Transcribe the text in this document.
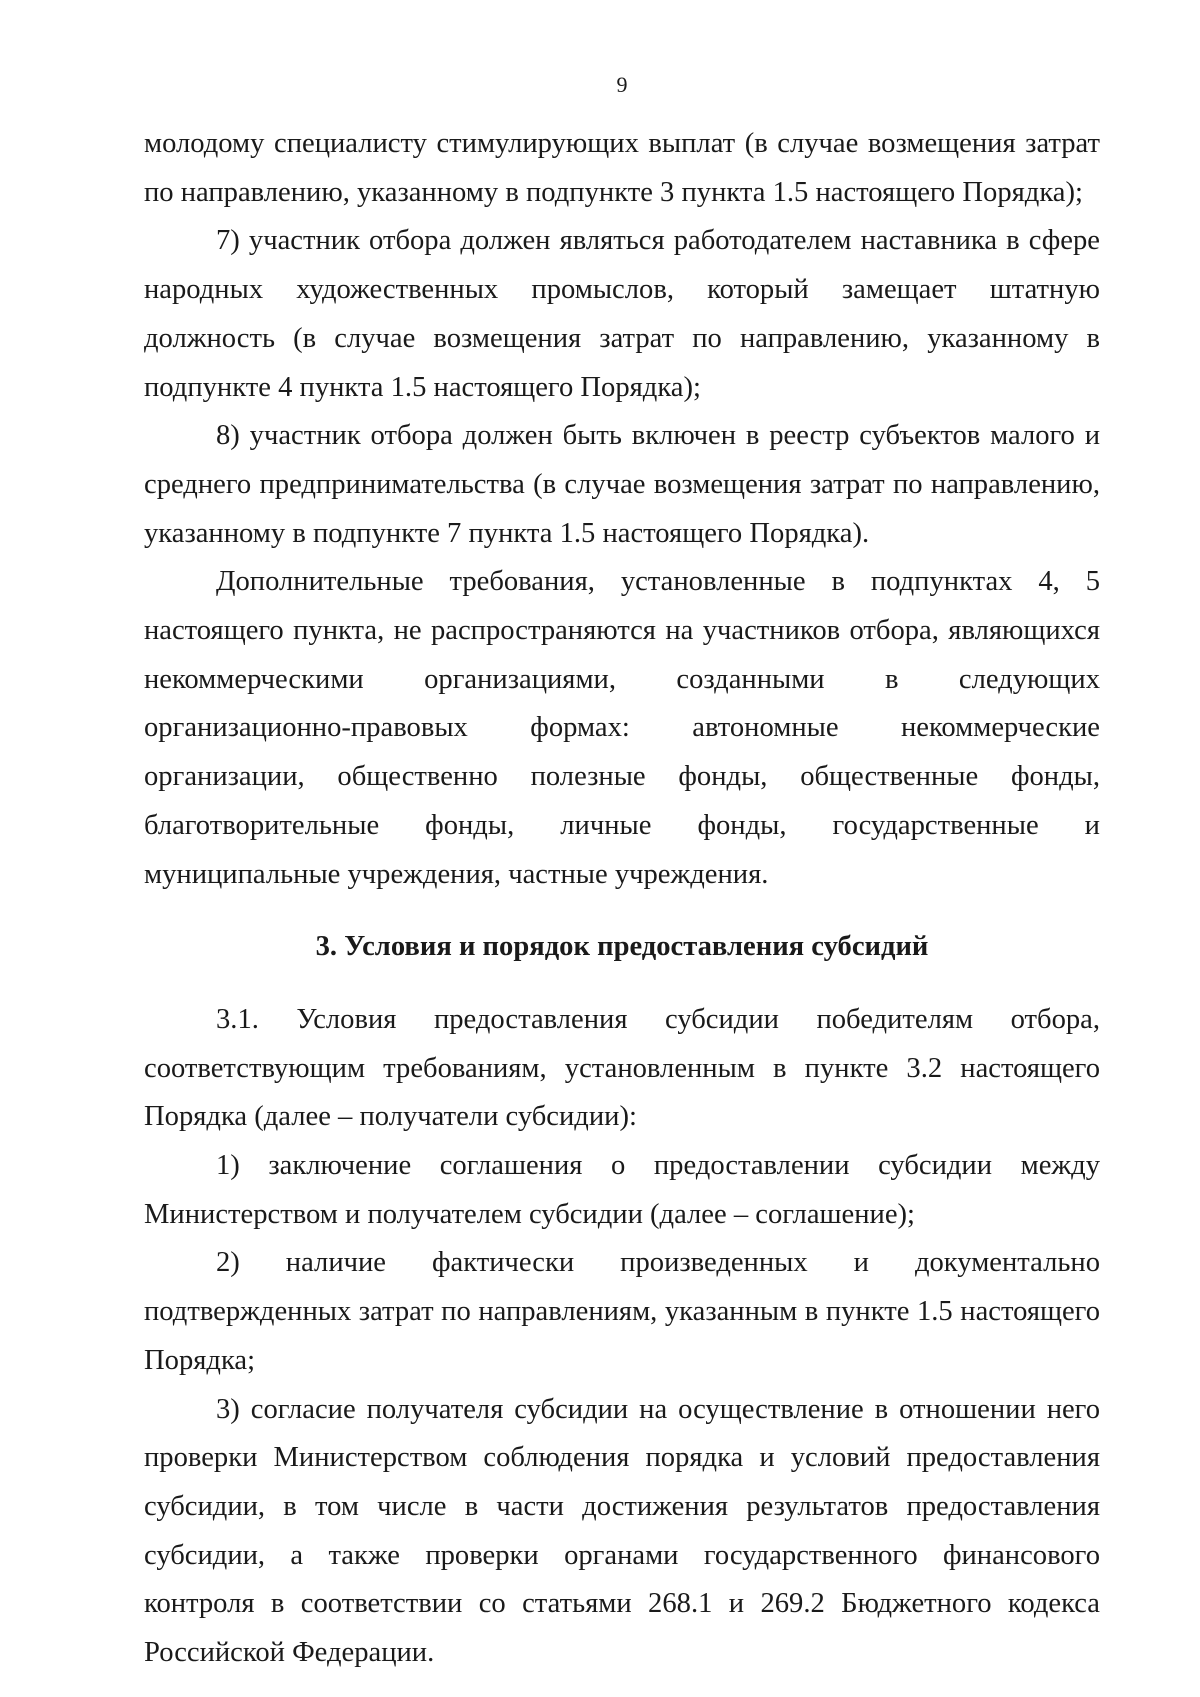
9

молодому специалисту стимулирующих выплат (в случае возмещения затрат по направлению, указанному в подпункте 3 пункта 1.5 настоящего Порядка);

7) участник отбора должен являться работодателем наставника в сфере народных художественных промыслов, который замещает штатную должность (в случае возмещения затрат по направлению, указанному в подпункте 4 пункта 1.5 настоящего Порядка);

8) участник отбора должен быть включен в реестр субъектов малого и среднего предпринимательства (в случае возмещения затрат по направлению, указанному в подпункте 7 пункта 1.5 настоящего Порядка).

Дополнительные требования, установленные в подпунктах 4, 5 настоящего пункта, не распространяются на участников отбора, являющихся некоммерческими организациями, созданными в следующих организационно-правовых формах: автономные некоммерческие организации, общественно полезные фонды, общественные фонды, благотворительные фонды, личные фонды, государственные и муниципальные учреждения, частные учреждения.

3. Условия и порядок предоставления субсидий

3.1. Условия предоставления субсидии победителям отбора, соответствующим требованиям, установленным в пункте 3.2 настоящего Порядка (далее – получатели субсидии):

1) заключение соглашения о предоставлении субсидии между Министерством и получателем субсидии (далее – соглашение);

2) наличие фактически произведенных и документально подтвержденных затрат по направлениям, указанным в пункте 1.5 настоящего Порядка;

3) согласие получателя субсидии на осуществление в отношении него проверки Министерством соблюдения порядка и условий предоставления субсидии, в том числе в части достижения результатов предоставления субсидии, а также проверки органами государственного финансового контроля в соответствии со статьями 268.1 и 269.2 Бюджетного кодекса Российской Федерации.
